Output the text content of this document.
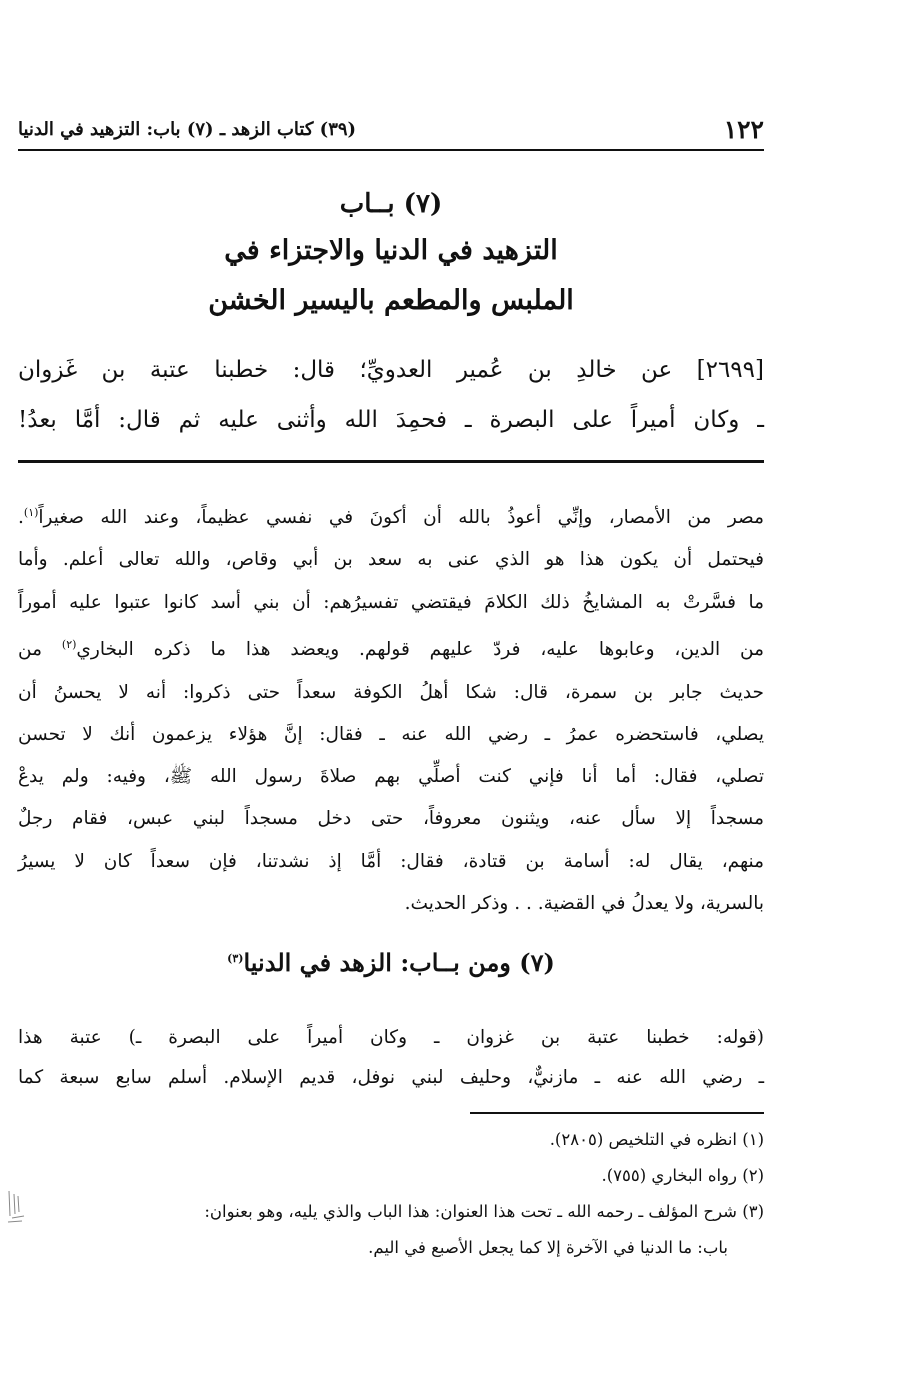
١٢٢
(٣٩) كتاب الزهد ـ (٧) باب: التزهيد في الدنيا
(٧) بــاب
التزهيد في الدنيا والاجتزاء في
الملبس والمطعم باليسير الخشن

[٢٦٩٩] عن خالدِ بن عُمير العدويِّ؛ قال: خطبنا عتبة بن غَزوان

ـ وكان أميراً على البصرة ـ فحمِدَ الله وأثنى عليه ثم قال: أمَّا بعدُ!

مصر من الأمصار، وإنِّي أعوذُ بالله أن أكونَ في نفسي عظيماً، وعند الله صغيراً$^{(١)}$.

فيحتمل أن يكون هذا هو الذي عنى به سعد بن أبي وقاص، والله تعالى أعلم. وأما

ما فسَّرتْ به المشايخُ ذلك الكلامَ فيقتضي تفسيرُهم: أن بني أسد كانوا عتبوا عليه أموراً

من الدين، وعابوها عليه، فردّ عليهم قولهم. ويعضد هذا ما ذكره البخاري$^{(٢)}$ من

حديث جابر بن سمرة، قال: شكا أهلُ الكوفة سعداً حتى ذكروا: أنه لا يحسنُ أن

يصلي، فاستحضره عمرُ ـ رضي الله عنه ـ فقال: إنَّ هؤلاء يزعمون أنك لا تحسن

تصلي، فقال: أما أنا فإني كنت أصلِّي بهم صلاةَ رسول الله ﷺ، وفيه: ولم يدعْ

مسجداً إلا سأل عنه، ويثنون معروفاً، حتى دخل مسجداً لبني عبس، فقام رجلٌ

منهم، يقال له: أسامة بن قتادة، فقال: أمَّا إذ نشدتنا، فإن سعداً كان لا يسيرُ

بالسرية، ولا يعدلُ في القضية. . . وذكر الحديث.

(٧) ومن بــاب: الزهد في الدنيا$^{(٣)}$

(قوله: خطبنا عتبة بن غزوان ـ وكان أميراً على البصرة ـ) عتبة هذا

ـ رضي الله عنه ـ مازنيٌّ، وحليف لبني نوفل، قديم الإسلام. أسلم سابع سبعة كما

(١) انظره في التلخيص (٢٨٠٥).

(٢) رواه البخاري (٧٥٥).

(٣) شرح المؤلف ـ رحمه الله ـ تحت هذا العنوان: هذا الباب والذي يليه، وهو بعنوان:

باب: ما الدنيا في الآخرة إلا كما يجعل الأصبع في اليم.
